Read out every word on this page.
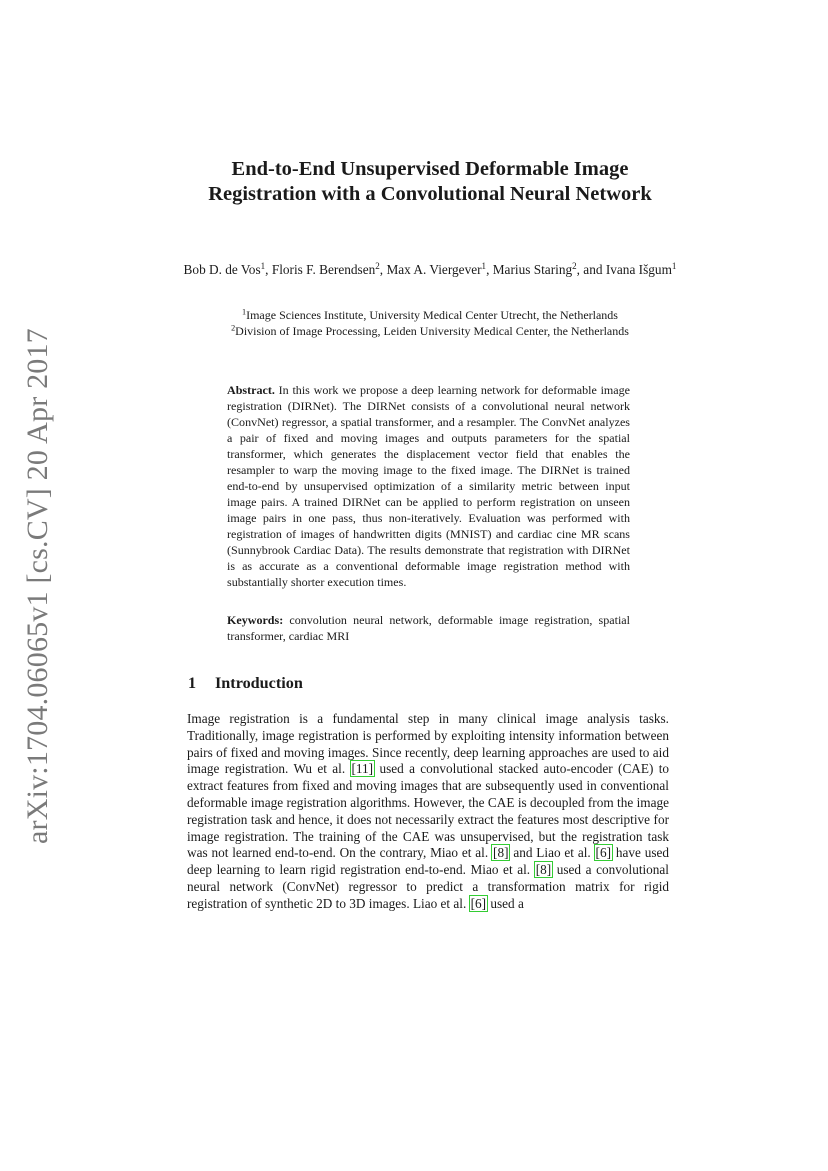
arXiv:1704.06065v1 [cs.CV] 20 Apr 2017
End-to-End Unsupervised Deformable Image Registration with a Convolutional Neural Network
Bob D. de Vos$^1$, Floris F. Berendsen$^2$, Max A. Viergever$^1$, Marius Staring$^2$, and Ivana Išgum$^1$
$^1$Image Sciences Institute, University Medical Center Utrecht, the Netherlands
$^2$Division of Image Processing, Leiden University Medical Center, the Netherlands
Abstract. In this work we propose a deep learning network for deformable image registration (DIRNet). The DIRNet consists of a convolutional neural network (ConvNet) regressor, a spatial transformer, and a resampler. The ConvNet analyzes a pair of fixed and moving images and outputs parameters for the spatial transformer, which generates the displacement vector field that enables the resampler to warp the moving image to the fixed image. The DIRNet is trained end-to-end by unsupervised optimization of a similarity metric between input image pairs. A trained DIRNet can be applied to perform registration on unseen image pairs in one pass, thus non-iteratively. Evaluation was performed with registration of images of handwritten digits (MNIST) and cardiac cine MR scans (Sunnybrook Cardiac Data). The results demonstrate that registration with DIRNet is as accurate as a conventional deformable image registration method with substantially shorter execution times.
Keywords: convolution neural network, deformable image registration, spatial transformer, cardiac MRI
1 Introduction
Image registration is a fundamental step in many clinical image analysis tasks. Traditionally, image registration is performed by exploiting intensity information between pairs of fixed and moving images. Since recently, deep learning approaches are used to aid image registration. Wu et al. [11] used a convolutional stacked auto-encoder (CAE) to extract features from fixed and moving images that are subsequently used in conventional deformable image registration algorithms. However, the CAE is decoupled from the image registration task and hence, it does not necessarily extract the features most descriptive for image registration. The training of the CAE was unsupervised, but the registration task was not learned end-to-end. On the contrary, Miao et al. [8] and Liao et al. [6] have used deep learning to learn rigid registration end-to-end. Miao et al. [8] used a convolutional neural network (ConvNet) regressor to predict a transformation matrix for rigid registration of synthetic 2D to 3D images. Liao et al. [6] used a
